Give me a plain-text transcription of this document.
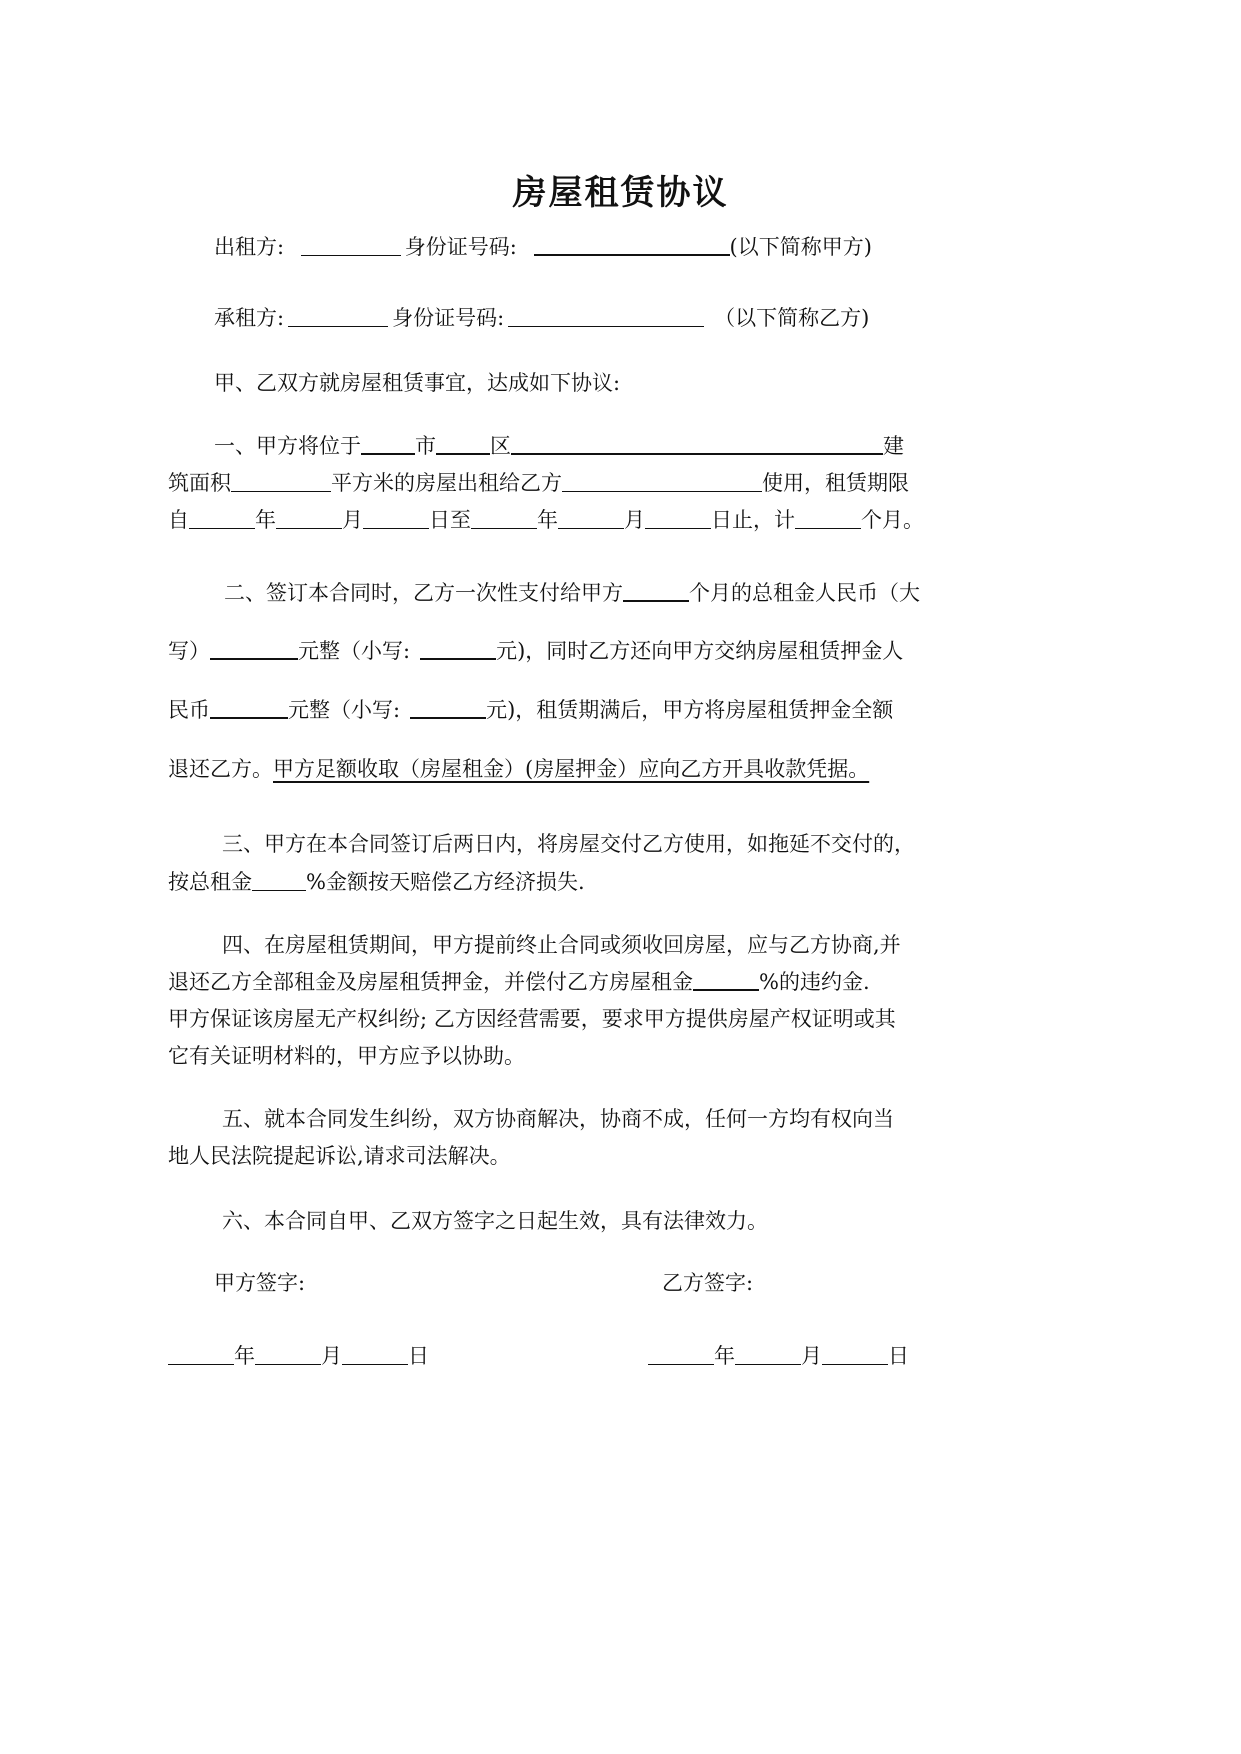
房屋租赁协议
出租方:	身份证号码:	(以下简称甲方)
承租方:	身份证号码:	（以下简称乙方)
甲、乙双方就房屋租赁事宜，达成如下协议:
一、甲方将位于	市	区	建
筑面积	平方米的房屋出租给乙方	使用，租赁期限
自	年	月	日至	年	月	日止，计	个月。
二、签订本合同时，乙方一次性支付给甲方	个月的总租金人民币（大
写）	元整（小写:	元)，同时乙方还向甲方交纳房屋租赁押金人
民币	元整（小写:	元)，租赁期满后，甲方将房屋租赁押金全额
退还乙方。甲方足额收取（房屋租金）(房屋押金）应向乙方开具收款凭据。
三、甲方在本合同签订后两日内，将房屋交付乙方使用，如拖延不交付的，
按总租金	%金额按天赔偿乙方经济损失.
四、在房屋租赁期间，甲方提前终止合同或须收回房屋，应与乙方协商,并
退还乙方全部租金及房屋租赁押金，并偿付乙方房屋租金	%的违约金.
甲方保证该房屋无产权纠纷; 乙方因经营需要，要求甲方提供房屋产权证明或其
它有关证明材料的，甲方应予以协助。
五、就本合同发生纠纷，双方协商解决，协商不成，任何一方均有权向当
地人民法院提起诉讼,请求司法解决。
六、本合同自甲、乙双方签字之日起生效，具有法律效力。
甲方签字:	乙方签字:
年	月	日	年	月	日
